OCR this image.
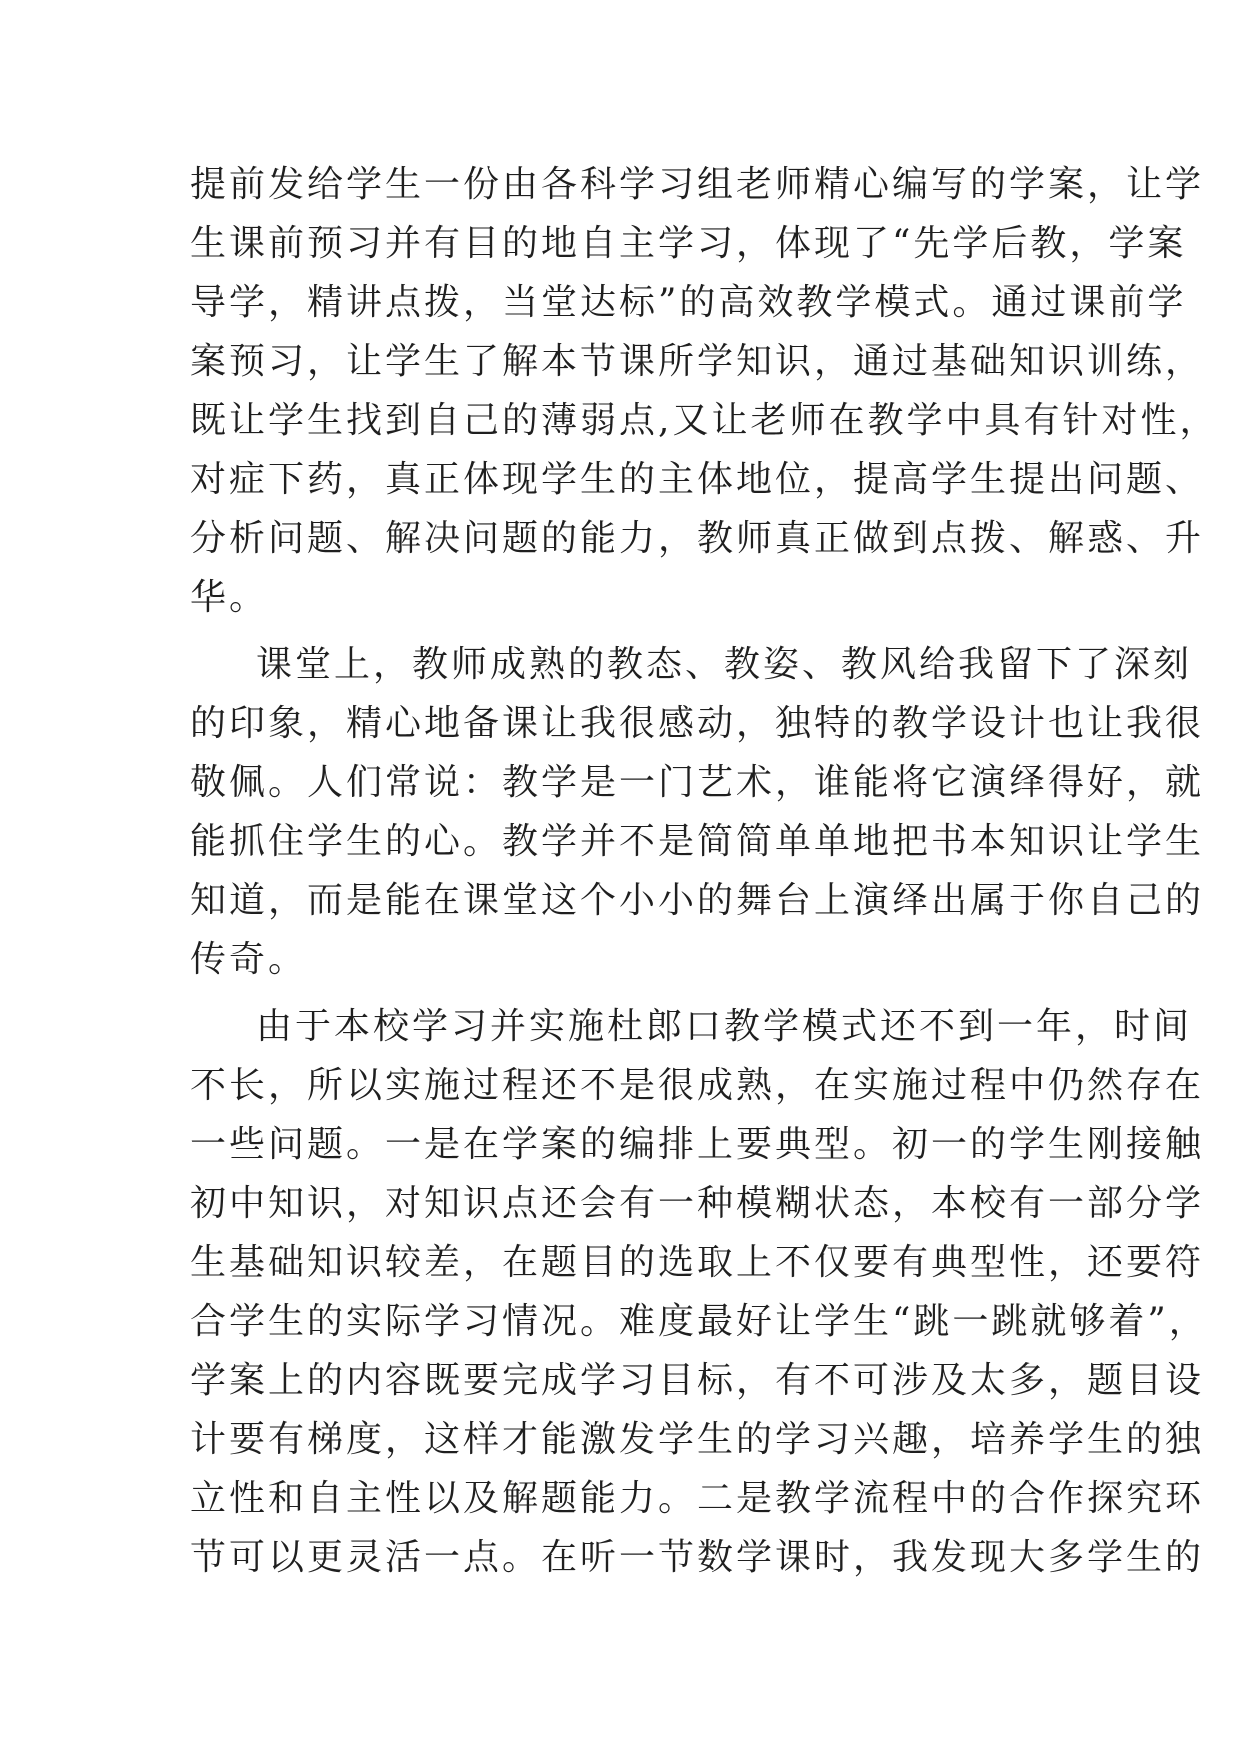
提前发给学生一份由各科学习组老师精心编写的学案，让学
生课前预习并有目的地自主学习，体现了“先学后教，学案
导学，精讲点拨，当堂达标”的高效教学模式。通过课前学
案预习，让学生了解本节课所学知识，通过基础知识训练，
既让学生找到自己的薄弱点,又让老师在教学中具有针对性，
对症下药，真正体现学生的主体地位，提高学生提出问题、
分析问题、解决问题的能力，教师真正做到点拨、解惑、升
华。
课堂上，教师成熟的教态、教姿、教风给我留下了深刻
的印象，精心地备课让我很感动，独特的教学设计也让我很
敬佩。人们常说：教学是一门艺术，谁能将它演绎得好，就
能抓住学生的心。教学并不是简简单单地把书本知识让学生
知道，而是能在课堂这个小小的舞台上演绎出属于你自己的
传奇。
由于本校学习并实施杜郎口教学模式还不到一年，时间
不长，所以实施过程还不是很成熟，在实施过程中仍然存在
一些问题。一是在学案的编排上要典型。初一的学生刚接触
初中知识，对知识点还会有一种模糊状态，本校有一部分学
生基础知识较差，在题目的选取上不仅要有典型性，还要符
合学生的实际学习情况。难度最好让学生“跳一跳就够着”，
学案上的内容既要完成学习目标，有不可涉及太多，题目设
计要有梯度，这样才能激发学生的学习兴趣，培养学生的独
立性和自主性以及解题能力。二是教学流程中的合作探究环
节可以更灵活一点。在听一节数学课时，我发现大多学生的
